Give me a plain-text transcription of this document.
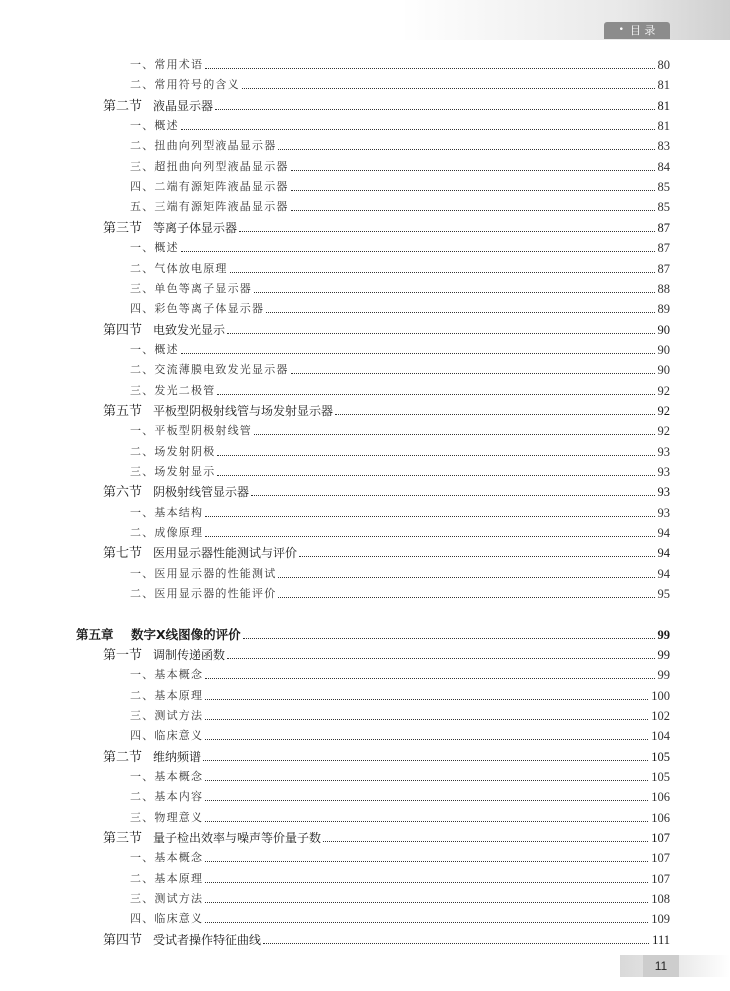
• 目 录
一、常用术语	80
二、常用符号的含义	81
第二节 液晶显示器	81
一、概述	81
二、扭曲向列型液晶显示器	83
三、超扭曲向列型液晶显示器	84
四、二端有源矩阵液晶显示器	85
五、三端有源矩阵液晶显示器	85
第三节 等离子体显示器	87
一、概述	87
二、气体放电原理	87
三、单色等离子显示器	88
四、彩色等离子体显示器	89
第四节 电致发光显示	90
一、概述	90
二、交流薄膜电致发光显示器	90
三、发光二极管	92
第五节 平板型阴极射线管与场发射显示器	92
一、平板型阴极射线管	92
二、场发射阴极	93
三、场发射显示	93
第六节 阴极射线管显示器	93
一、基本结构	93
二、成像原理	94
第七节 医用显示器性能测试与评价	94
一、医用显示器的性能测试	94
二、医用显示器的性能评价	95
第五章 数字X线图像的评价	99
第一节 调制传递函数	99
一、基本概念	99
二、基本原理	100
三、测试方法	102
四、临床意义	104
第二节 维纳频谱	105
一、基本概念	105
二、基本内容	106
三、物理意义	106
第三节 量子检出效率与噪声等价量子数	107
一、基本概念	107
二、基本原理	107
三、测试方法	108
四、临床意义	109
第四节 受试者操作特征曲线	111
11
